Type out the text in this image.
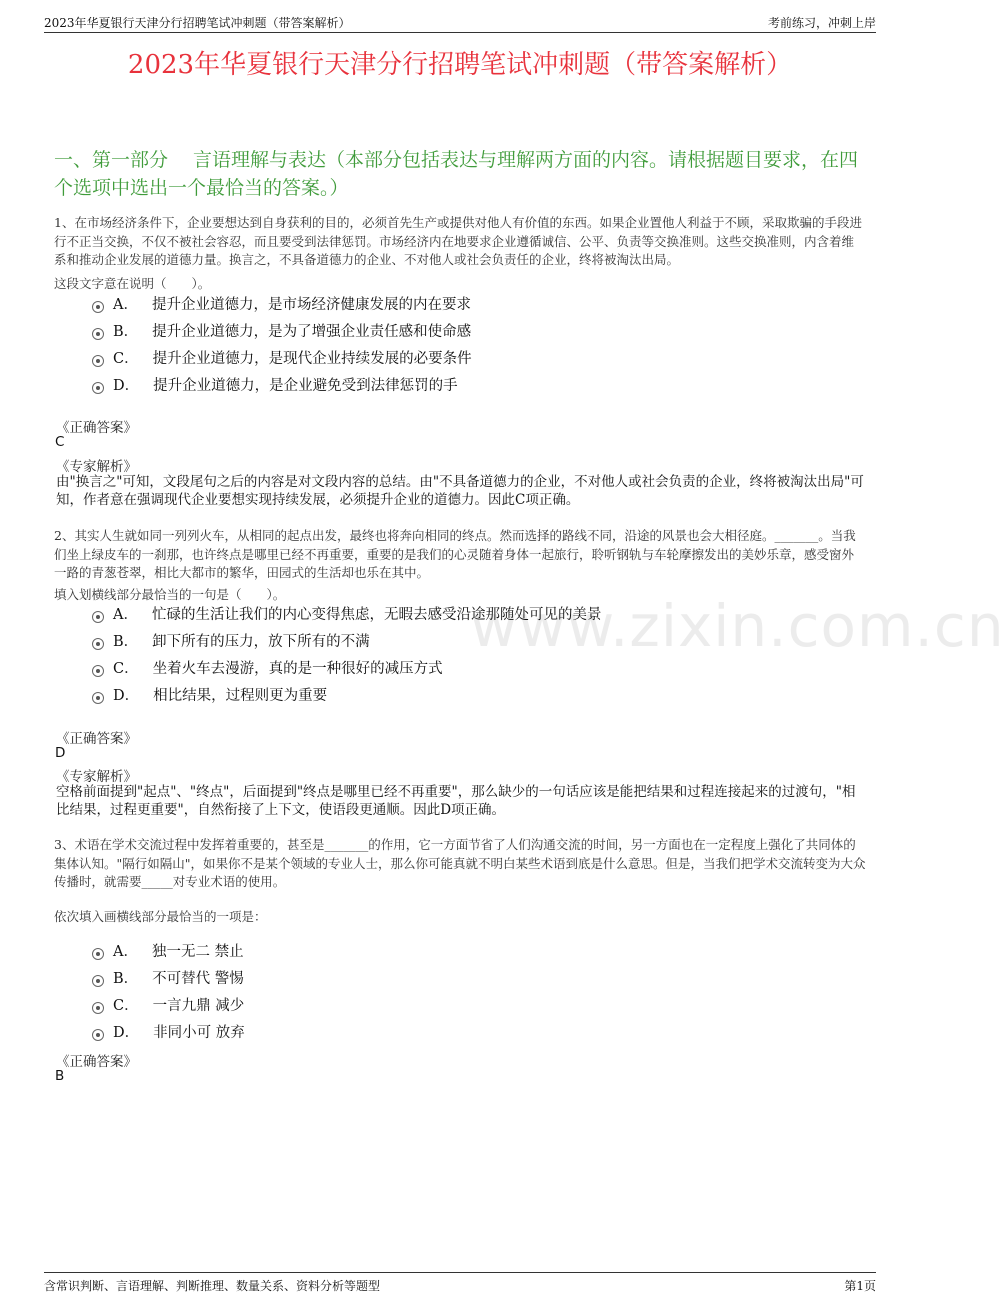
2023年华夏银行天津分行招聘笔试冲刺题（带答案解析）	考前练习，冲刺上岸
2023年华夏银行天津分行招聘笔试冲刺题（带答案解析）
一、第一部分　 言语理解与表达（本部分包括表达与理解两方面的内容。请根据题目要求，在四个选项中选出一个最恰当的答案。）
www.zixin.com.cn
1、在市场经济条件下，企业要想达到自身获利的目的，必须首先生产或提供对他人有价值的东西。如果企业置他人利益于不顾，采取欺骗的手段进行不正当交换，不仅不被社会容忍，而且要受到法律惩罚。市场经济内在地要求企业遵循诚信、公平、负责等交换准则。这些交换准则，内含着维系和推动企业发展的道德力量。换言之，不具备道德力的企业、不对他人或社会负责任的企业，终将被淘汰出局。
这段文字意在说明（　　）。
A． 提升企业道德力，是市场经济健康发展的内在要求
B． 提升企业道德力，是为了增强企业责任感和使命感
C． 提升企业道德力，是现代企业持续发展的必要条件
D． 提升企业道德力，是企业避免受到法律惩罚的手
《正确答案》
C
《专家解析》
由"换言之"可知，文段尾句之后的内容是对文段内容的总结。由"不具备道德力的企业，不对他人或社会负责的企业，终将被淘汰出局"可知，作者意在强调现代企业要想实现持续发展，必须提升企业的道德力。因此C项正确。
2、其实人生就如同一列列火车，从相同的起点出发，最终也将奔向相同的终点。然而选择的路线不同，沿途的风景也会大相径庭。_______。当我们坐上绿皮车的一刹那，也许终点是哪里已经不再重要，重要的是我们的心灵随着身体一起旅行，聆听钢轨与车轮摩擦发出的美妙乐章，感受窗外一路的青葱苍翠，相比大都市的繁华，田园式的生活却也乐在其中。
填入划横线部分最恰当的一句是（　　）。
A． 忙碌的生活让我们的内心变得焦虑，无暇去感受沿途那随处可见的美景
B． 卸下所有的压力，放下所有的不满
C． 坐着火车去漫游，真的是一种很好的减压方式
D． 相比结果，过程则更为重要
《正确答案》
D
《专家解析》
空格前面提到"起点"、"终点"，后面提到"终点是哪里已经不再重要"，那么缺少的一句话应该是能把结果和过程连接起来的过渡句，"相比结果，过程更重要"，自然衔接了上下文，使语段更通顺。因此D项正确。
3、术语在学术交流过程中发挥着重要的，甚至是_______的作用，它一方面节省了人们沟通交流的时间，另一方面也在一定程度上强化了共同体的集体认知。"隔行如隔山"，如果你不是某个领域的专业人士，那么你可能真就不明白某些术语到底是什么意思。但是，当我们把学术交流转变为大众传播时，就需要_____对专业术语的使用。
依次填入画横线部分最恰当的一项是：
A． 独一无二 禁止
B． 不可替代 警惕
C． 一言九鼎 减少
D． 非同小可 放弃
《正确答案》
B
含常识判断、言语理解、判断推理、数量关系、资料分析等题型	第1页
